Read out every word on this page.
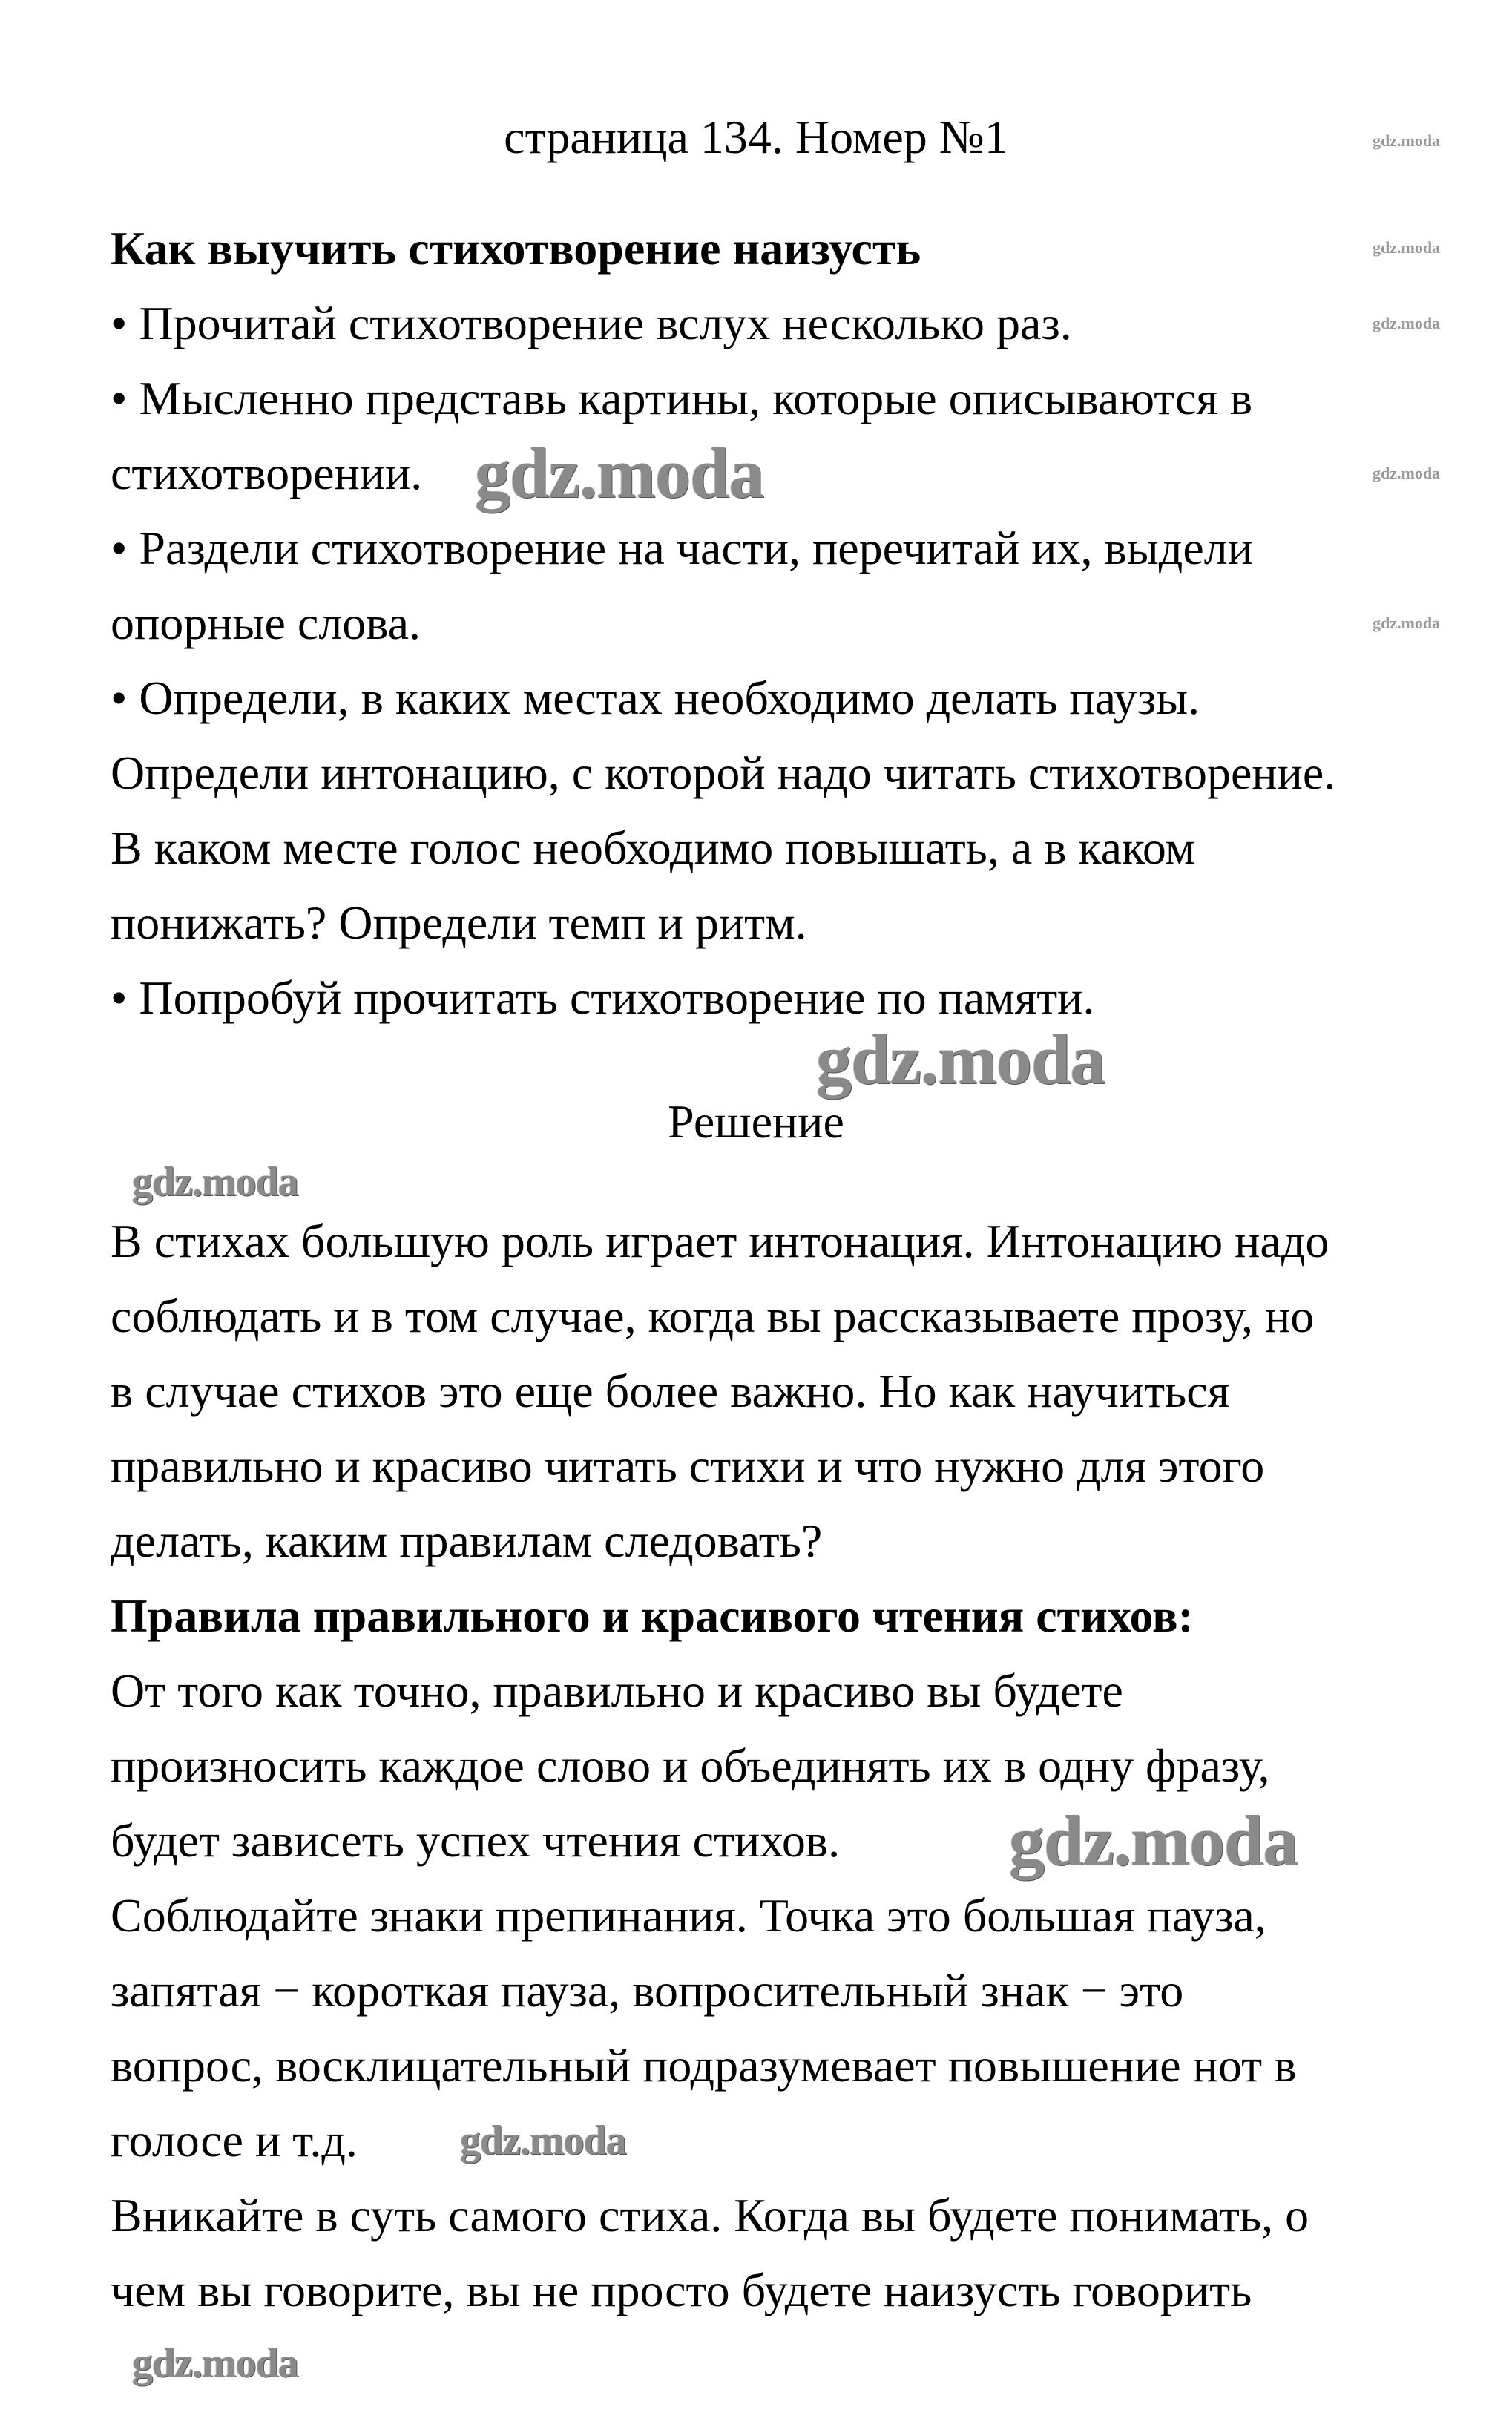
страница 134. Номер №1
Как выучить стихотворение наизусть
• Прочитай стихотворение вслух несколько раз.
• Мысленно представь картины, которые описываются в
стихотворении.
• Раздели стихотворение на части, перечитай их, выдели
опорные слова.
• Определи, в каких местах необходимо делать паузы.
Определи интонацию, с которой надо читать стихотворение.
В каком месте голос необходимо повышать, а в каком
понижать? Определи темп и ритм.
• Попробуй прочитать стихотворение по памяти.
Решение
В стихах большую роль играет интонация. Интонацию надо
соблюдать и в том случае, когда вы рассказываете прозу, но
в случае стихов это еще более важно. Но как научиться
правильно и красиво читать стихи и что нужно для этого
делать, каким правилам следовать?
Правила правильного и красивого чтения стихов:
От того как точно, правильно и красиво вы будете
произносить каждое слово и объединять их в одну фразу,
будет зависеть успех чтения стихов.
Соблюдайте знаки препинания. Точка это большая пауза,
запятая − короткая пауза, вопросительный знак − это
вопрос, восклицательный подразумевает повышение нот в
голосе и т.д.
Вникайте в суть самого стиха. Когда вы будете понимать, о
чем вы говорите, вы не просто будете наизусть говорить
gdz.moda
gdz.moda
gdz.moda
gdz.moda
gdz.moda
gdz.moda
gdz.moda
gdz.moda
gdz.moda
gdz.moda
gdz.moda
